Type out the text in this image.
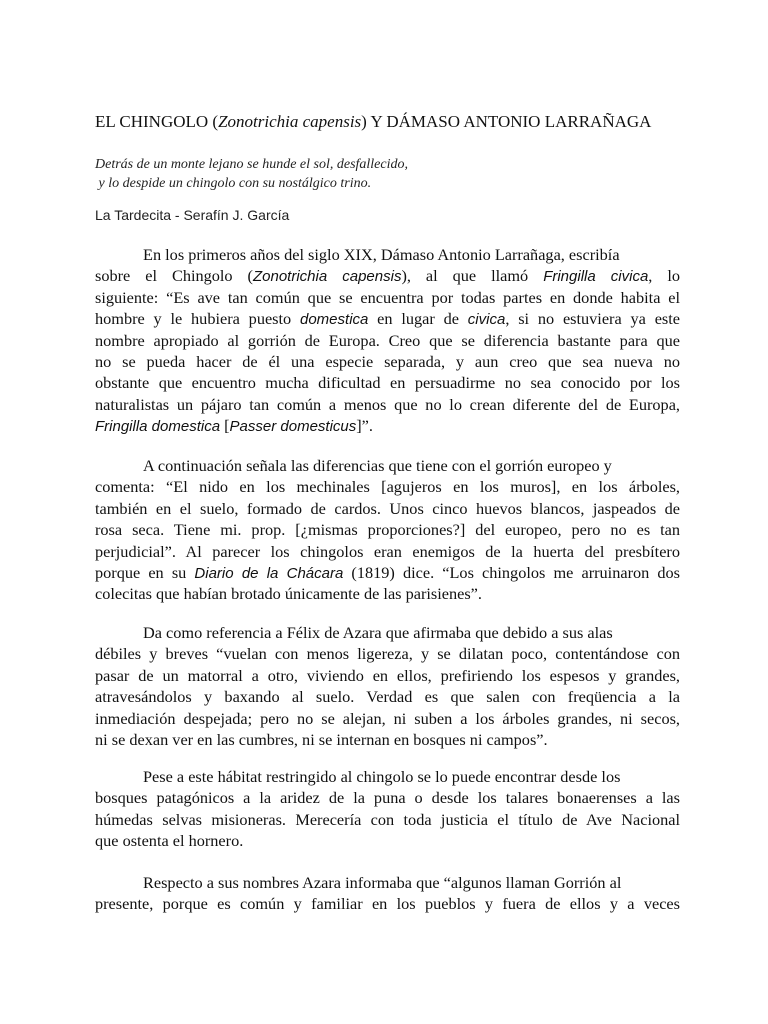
EL CHINGOLO (Zonotrichia capensis) Y DÁMASO ANTONIO LARRAÑAGA
Detrás de un monte lejano se hunde el sol, desfallecido,
y lo despide un chingolo con su nostálgico trino.
La Tardecita - Serafín J. García
En los primeros años del siglo XIX, Dámaso Antonio Larrañaga, escribía
sobre el Chingolo (Zonotrichia capensis), al que llamó Fringilla civica, lo
siguiente: “Es ave tan común que se encuentra por todas partes en donde habita el
hombre y le hubiera puesto domestica en lugar de civica, si no estuviera ya este
nombre apropiado al gorrión de Europa. Creo que se diferencia bastante para que
no se pueda hacer de él una especie separada, y aun creo que sea nueva no
obstante que encuentro mucha dificultad en persuadirme no sea conocido por los
naturalistas un pájaro tan común a menos que no lo crean diferente del de Europa,
Fringilla domestica [Passer domesticus]”.
A continuación señala las diferencias que tiene con el gorrión europeo y
comenta: “El nido en los mechinales [agujeros en los muros], en los árboles,
también en el suelo, formado de cardos. Unos cinco huevos blancos, jaspeados de
rosa seca. Tiene mi. prop. [¿mismas proporciones?] del europeo, pero no es tan
perjudicial”. Al parecer los chingolos eran enemigos de la huerta del presbítero
porque en su Diario de la Chácara (1819) dice. “Los chingolos me arruinaron dos
colecitas que habían brotado únicamente de las parisienes”.
Da como referencia a Félix de Azara que afirmaba que debido a sus alas
débiles y breves “vuelan con menos ligereza, y se dilatan poco, contentándose con
pasar de un matorral a otro, viviendo en ellos, prefiriendo los espesos y grandes,
atravesándolos y baxando al suelo. Verdad es que salen con freqüencia a la
inmediación despejada; pero no se alejan, ni suben a los árboles grandes, ni secos,
ni se dexan ver en las cumbres, ni se internan en bosques ni campos”.
Pese a este hábitat restringido al chingolo se lo puede encontrar desde los
bosques patagónicos a la aridez de la puna o desde los talares bonaerenses a las
húmedas selvas misioneras. Merecería con toda justicia el título de Ave Nacional
que ostenta el hornero.
Respecto a sus nombres Azara informaba que “algunos llaman Gorrión al
presente, porque es común y familiar en los pueblos y fuera de ellos y a veces
